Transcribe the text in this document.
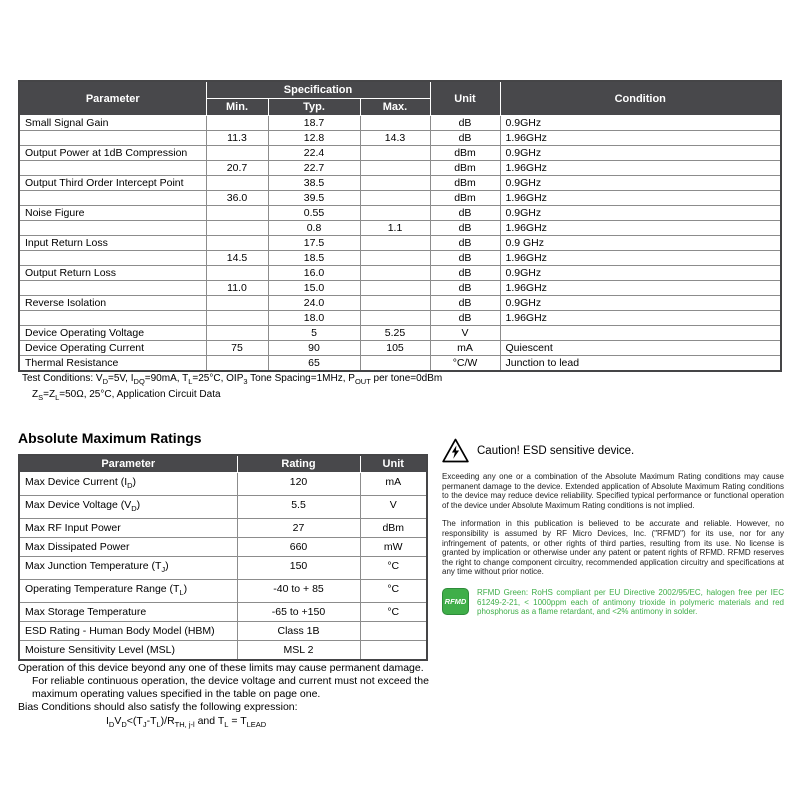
Parameter	Specification			Unit	Condition
	Min.	Typ.	Max.		
Small Signal Gain		18.7		dB	0.9GHz
	11.3	12.8	14.3	dB	1.96GHz
Output Power at 1dB Compression		22.4		dBm	0.9GHz
	20.7	22.7		dBm	1.96GHz
Output Third Order Intercept Point		38.5		dBm	0.9GHz
	36.0	39.5		dBm	1.96GHz
Noise Figure		0.55		dB	0.9GHz
		0.8	1.1	dB	1.96GHz
Input Return Loss		17.5		dB	0.9 GHz
	14.5	18.5		dB	1.96GHz
Output Return Loss		16.0		dB	0.9GHz
	11.0	15.0		dB	1.96GHz
Reverse Isolation		24.0		dB	0.9GHz
		18.0		dB	1.96GHz
Device Operating Voltage		5	5.25	V	
Device Operating Current	75	90	105	mA	Quiescent
Thermal Resistance		65		°C/W	Junction to lead
Test Conditions: $V_D=5V$, $I_{DQ}=90mA$, $T_L=25^\circ C$, $OIP_3$ Tone Spacing=1MHz, $P_{OUT}$ per tone=0dBm
$Z_S=Z_L=50\Omega$, 25°C, Application Circuit Data
Absolute Maximum Ratings
Parameter	Rating	Unit
Max Device Current $(I_D)$	120	mA
Max Device Voltage $(V_D)$	5.5	V
Max RF Input Power	27	dBm
Max Dissipated Power	660	mW
Max Junction Temperature $(T_J)$	150	°C
Operating Temperature Range $(T_L)$	-40 to + 85	°C
Max Storage Temperature	-65 to +150	°C
ESD Rating - Human Body Model (HBM)	Class 1B	
Moisture Sensitivity Level (MSL)	MSL 2	
Caution! ESD sensitive device.

Exceeding any one or a combination of the Absolute Maximum Rating conditions may cause permanent damage to the device. Extended application of Absolute Maximum Rating conditions to the device may reduce device reliability. Specified typical performance or functional operation of the device under Absolute Maximum Rating conditions is not implied.

The information in this publication is believed to be accurate and reliable. However, no responsibility is assumed by RF Micro Devices, Inc. ("RFMD") for its use, nor for any infringement of patents, or other rights of third parties, resulting from its use. No license is granted by implication or otherwise under any patent or patent rights of RFMD. RFMD reserves the right to change component circuitry, recommended application circuitry and specifications at any time without prior notice.

RFMD

RFMD Green: RoHS compliant per EU Directive 2002/95/EC, halogen free per IEC 61249-2-21, < 1000ppm each of antimony trioxide in polymeric materials and red phosphorus as a flame retardant, and <2% antimony in solder.

Operation of this device beyond any one of these limits may cause permanent damage. For reliable continuous operation, the device voltage and current must not exceed the maximum operating values specified in the table on page one.

Bias Conditions should also satisfy the following expression:

$I_DV_D<(T_J-T_L)/R_{TH, j-l}$ and $T_L = T_{LEAD}$
